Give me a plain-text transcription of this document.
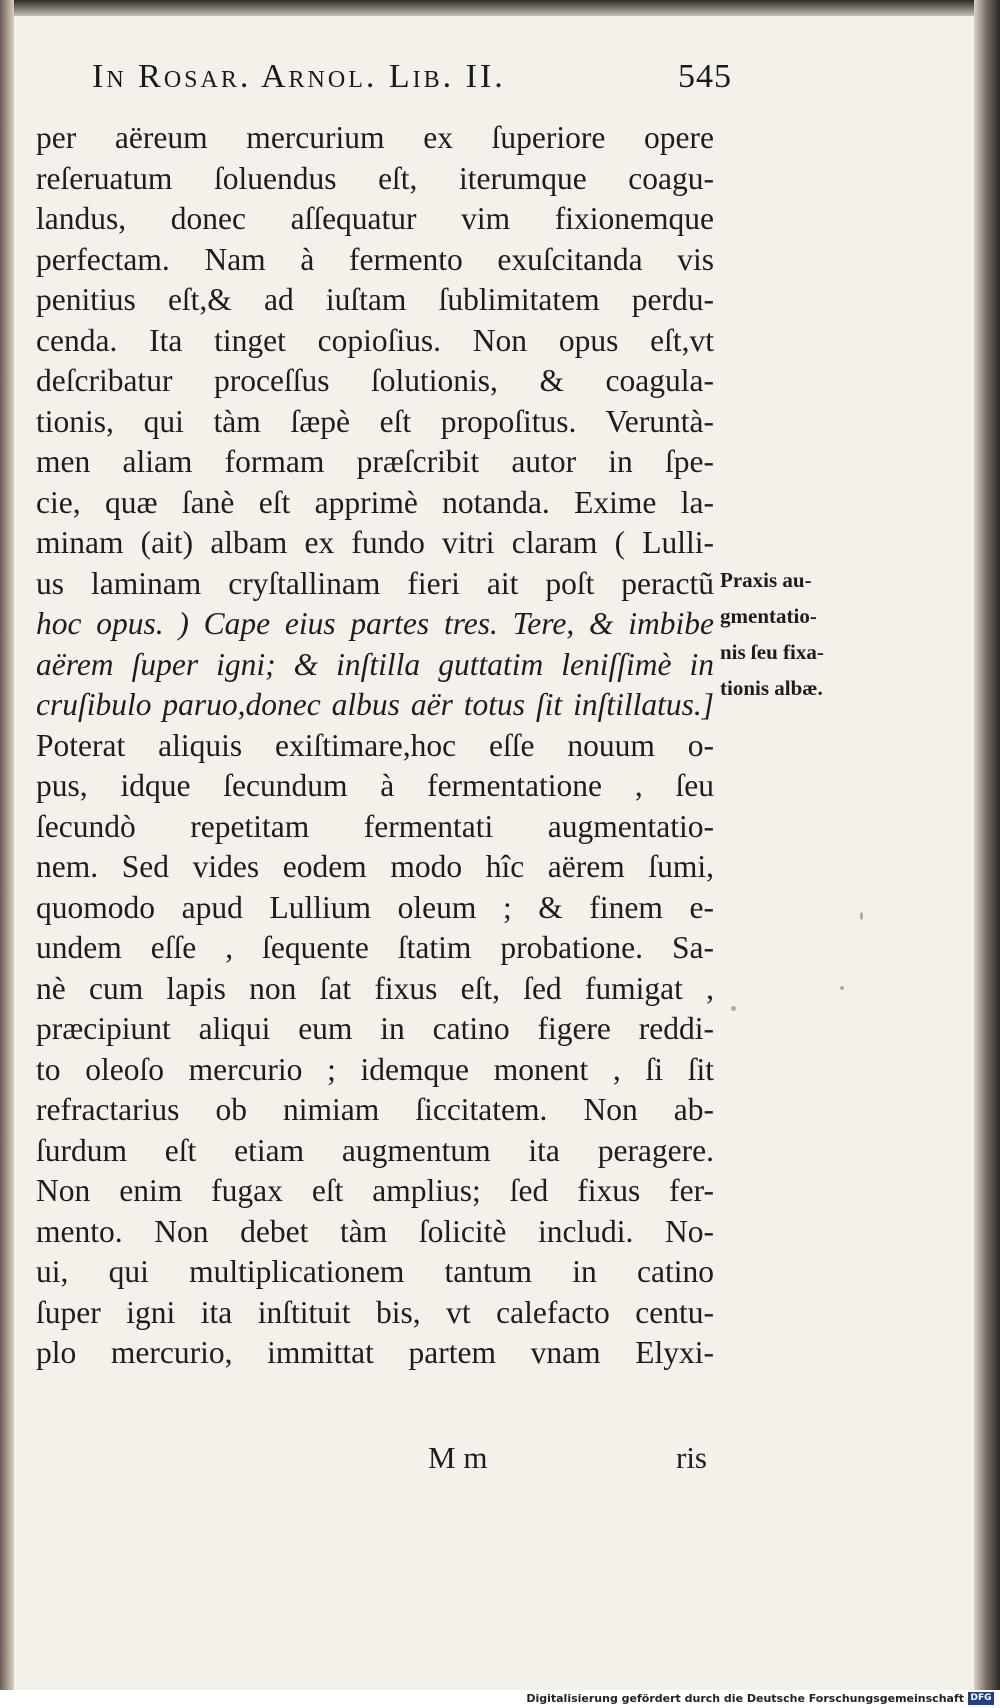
In Rosar. Arnol. Lib. II.	545
per aëreum mercurium ex ſuperiore opere
reſeruatum ſoluendus eſt, iterumque coagu-
landus, donec aſſequatur vim fixionemque
perfectam. Nam à fermento exuſcitanda vis
penitius eſt,& ad iuſtam ſublimitatem perdu-
cenda. Ita tinget copioſius. Non opus eſt,vt
deſcribatur proceſſus ſolutionis, & coagula-
tionis, qui tàm ſæpè eſt propoſitus. Veruntà-
men aliam formam præſcribit autor in ſpe-
cie, quæ ſanè eſt apprimè notanda. Exime la-
minam (ait) albam ex fundo vitri claram ( Lulli-
us laminam cryſtallinam fieri ait poſt peractũ
hoc opus. ) Cape eius partes tres. Tere, & imbibe
aërem ſuper igni; & inſtilla guttatim leniſſimè in
cruſibulo paruo,donec albus aër totus ſit inſtillatus.]
Poterat aliquis exiſtimare,hoc eſſe nouum o-
pus, idque ſecundum à fermentatione , ſeu
ſecundò repetitam fermentati augmentatio-
nem. Sed vides eodem modo hîc aërem ſumi,
quomodo apud Lullium oleum ; & finem e-
undem eſſe , ſequente ſtatim probatione. Sa-
nè cum lapis non ſat fixus eſt, ſed fumigat ,
præcipiunt aliqui eum in catino figere reddi-
to oleoſo mercurio ; idemque monent , ſi ſit
refractarius ob nimiam ſiccitatem. Non ab-
ſurdum eſt etiam augmentum ita peragere.
Non enim fugax eſt amplius; ſed fixus fer-
mento. Non debet tàm ſolicitè includi. No-
ui, qui multiplicationem tantum in catino
ſuper igni ita inſtituit bis, vt calefacto centu-
plo mercurio, immittat partem vnam Elyxi-
Praxis au-
gmentatio-
nis ſeu fixa-
tionis albæ.
M m	ris
Digitalisierung gefördert durch die Deutsche Forschungsgemeinschaft DFG
